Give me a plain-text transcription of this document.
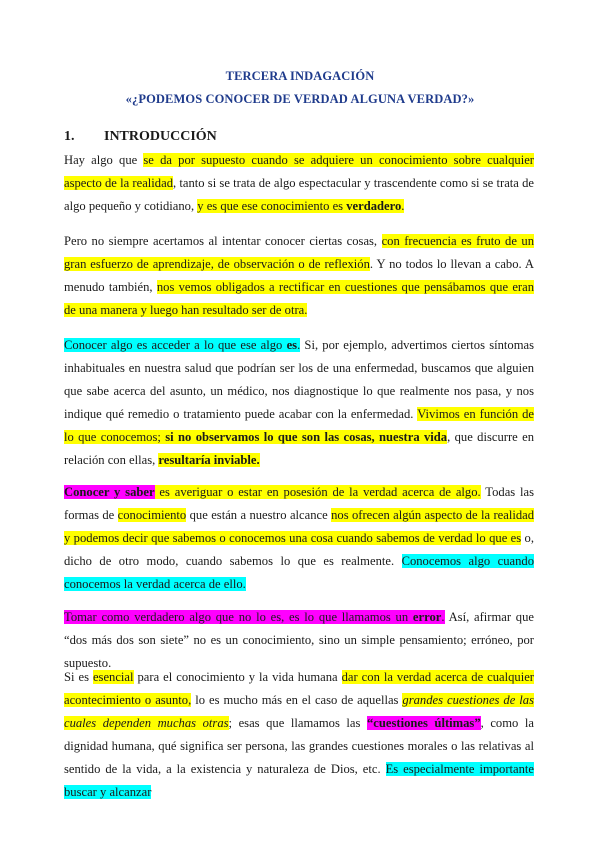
TERCERA INDAGACIÓN
«¿PODEMOS CONOCER DE VERDAD ALGUNA VERDAD?»
1. INTRODUCCIÓN
Hay algo que se da por supuesto cuando se adquiere un conocimiento sobre cualquier aspecto de la realidad, tanto si se trata de algo espectacular y trascendente como si se trata de algo pequeño y cotidiano, y es que ese conocimiento es verdadero.
Pero no siempre acertamos al intentar conocer ciertas cosas, con frecuencia es fruto de un gran esfuerzo de aprendizaje, de observación o de reflexión. Y no todos lo llevan a cabo. A menudo también, nos vemos obligados a rectificar en cuestiones que pensábamos que eran de una manera y luego han resultado ser de otra.
Conocer algo es acceder a lo que ese algo es. Si, por ejemplo, advertimos ciertos síntomas inhabituales en nuestra salud que podrían ser los de una enfermedad, buscamos que alguien que sabe acerca del asunto, un médico, nos diagnostique lo que realmente nos pasa, y nos indique qué remedio o tratamiento puede acabar con la enfermedad. Vivimos en función de lo que conocemos; si no observamos lo que son las cosas, nuestra vida, que discurre en relación con ellas, resultaría inviable.
Conocer y saber es averiguar o estar en posesión de la verdad acerca de algo. Todas las formas de conocimiento que están a nuestro alcance nos ofrecen algún aspecto de la realidad y podemos decir que sabemos o conocemos una cosa cuando sabemos de verdad lo que es o, dicho de otro modo, cuando sabemos lo que es realmente. Conocemos algo cuando conocemos la verdad acerca de ello.
Tomar como verdadero algo que no lo es, es lo que llamamos un error. Así, afirmar que “dos más dos son siete” no es un conocimiento, sino un simple pensamiento; erróneo, por supuesto.
Si es esencial para el conocimiento y la vida humana dar con la verdad acerca de cualquier acontecimiento o asunto, lo es mucho más en el caso de aquellas grandes cuestiones de las cuales dependen muchas otras; esas que llamamos las “cuestiones últimas”, como la dignidad humana, qué significa ser persona, las grandes cuestiones morales o las relativas al sentido de la vida, a la existencia y naturaleza de Dios, etc. Es especialmente importante buscar y alcanzar
